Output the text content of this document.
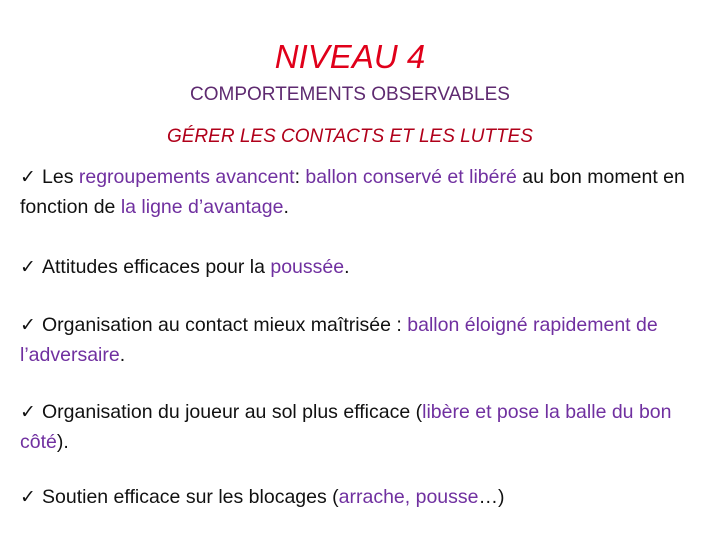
NIVEAU 4
COMPORTEMENTS OBSERVABLES
GÉRER LES CONTACTS ET LES LUTTES
✓ Les regroupements avancent: ballon conservé et libéré au bon moment en fonction de la ligne d’avantage.
✓ Attitudes efficaces pour la poussée.
✓ Organisation au contact mieux maîtrisée : ballon éloigné rapidement de l’adversaire.
✓ Organisation du joueur au sol plus efficace (libère et pose la balle du bon côté).
✓ Soutien efficace sur les blocages (arrache, pousse…)
